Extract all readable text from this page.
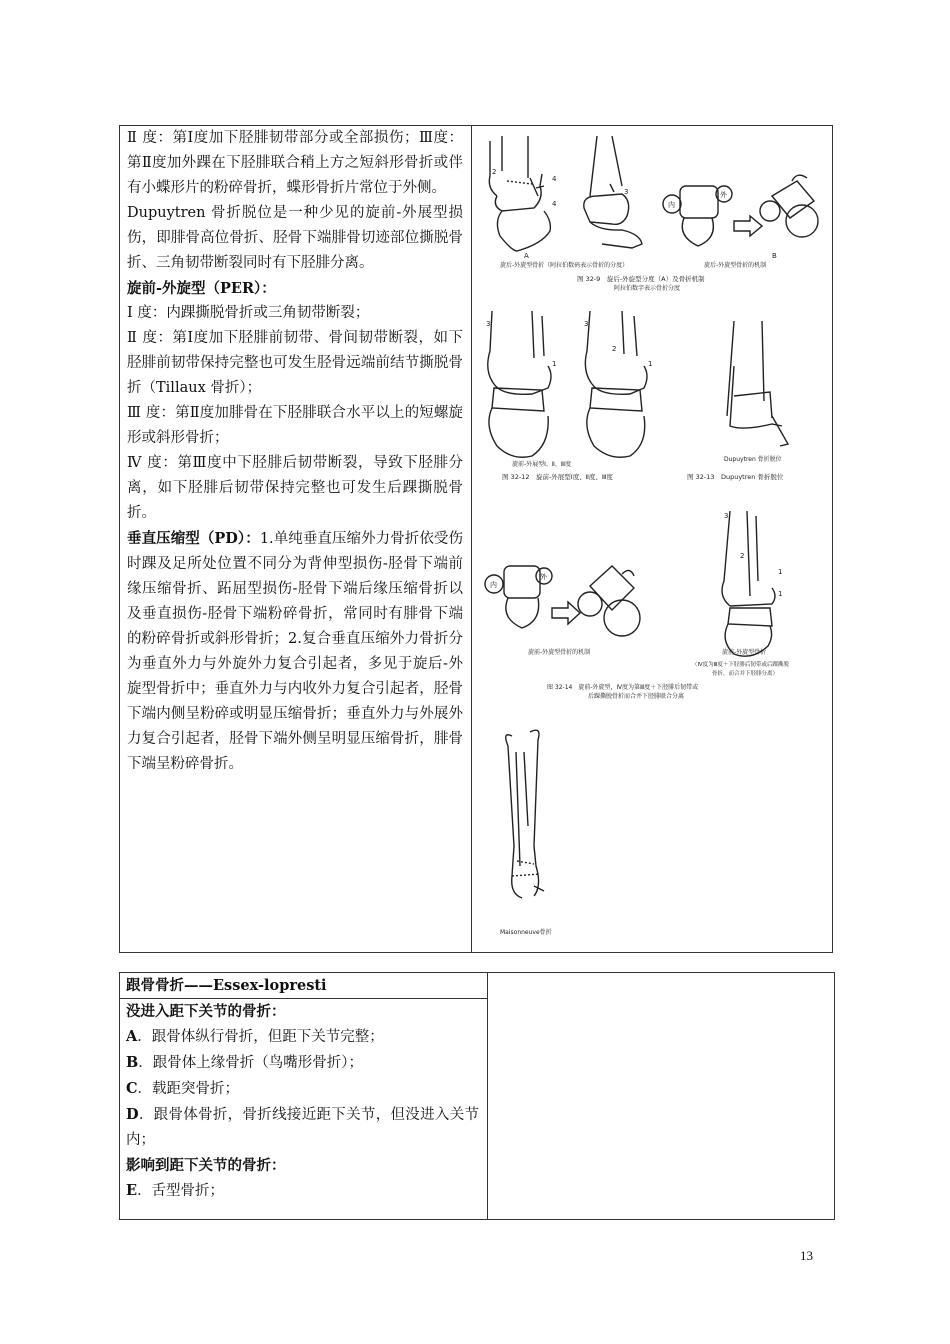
Ⅱ 度：第Ⅰ度加下胫腓韧带部分或全部损伤；Ⅲ度：第Ⅱ度加外踝在下胫腓联合稍上方之短斜形骨折或伴有小蝶形片的粉碎骨折，蝶形骨折片常位于外侧。

Dupuytren 骨折脱位是一种少见的旋前-外展型损伤，即腓骨高位骨折、胫骨下端腓骨切迹部位撕脱骨折、三角韧带断裂同时有下胫腓分离。

旋前-外旋型（PER）：

Ⅰ 度：内踝撕脱骨折或三角韧带断裂；

Ⅱ 度：第Ⅰ度加下胫腓前韧带、骨间韧带断裂，如下胫腓前韧带保持完整也可发生胫骨远端前结节撕脱骨折（Tillaux 骨折）；

Ⅲ 度：第Ⅱ度加腓骨在下胫腓联合水平以上的短螺旋形或斜形骨折；

Ⅳ 度：第Ⅲ度中下胫腓后韧带断裂，导致下胫腓分离，如下胫腓后韧带保持完整也可发生后踝撕脱骨折。

垂直压缩型（PD）：1.单纯垂直压缩外力骨折依受伤时踝及足所处位置不同分为背伸型损伤-胫骨下端前缘压缩骨折、跖屈型损伤-胫骨下端后缘压缩骨折以及垂直损伤-胫骨下端粉碎骨折，常同时有腓骨下端的粉碎骨折或斜形骨折；2.复合垂直压缩外力骨折分为垂直外力与外旋外力复合引起者，多见于旋后-外旋型骨折中；垂直外力与内收外力复合引起者，胫骨下端内侧呈粉碎或明显压缩骨折；垂直外力与外展外力复合引起者，胫骨下端外侧呈明显压缩骨折，腓骨下端呈粉碎骨折。

2
4
4
A
3
内
外
B
旋后-外旋型骨折（阿拉伯数码表示骨折的分度）	旋后-外旋型骨折的机制
图 32-9　旋后-外旋型分度（A）及骨折机制
阿拉伯数字表示骨折分度
3
1
3
2
1
旋前-外展型Ⅰ、Ⅱ、Ⅲ度
Dupuytren 骨折脱位
图 32-12　旋前-外展型Ⅰ度、Ⅱ度、Ⅲ度	图 32-13　Dupuytren 骨折脱位
内
外
3
2
1
1
旋前-外旋型骨折的机制	旋前-外旋型骨折
（Ⅳ度为Ⅲ度＋下胫腓后韧带或后踝撕脱
骨折，而合并下胫腓分离）
图 32-14　旋前-外旋型，Ⅳ度为第Ⅲ度＋下胫腓后韧带或
后踝撕脱骨折而合并下胫腓联合分离
Maisonneuve骨折
跟骨骨折——Essex-lopresti	

没进入距下关节的骨折：

A．跟骨体纵行骨折，但距下关节完整；

B．跟骨体上缘骨折（鸟嘴形骨折）；

C．载距突骨折；

D．跟骨体骨折，骨折线接近距下关节，但没进入关节内；

影响到距下关节的骨折：

E．舌型骨折；

13
